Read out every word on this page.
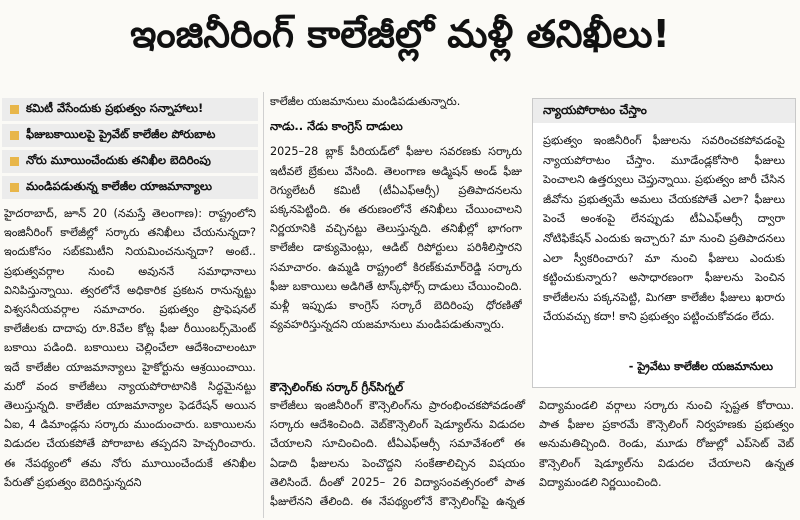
ఇంజినీరింగ్ కాలేజీల్లో మళ్లీ తనిఖీలు!
కమిటీ వేసేందుకు ప్రభుత్వం సన్నాహాలు!
ఫీజుబకాయిలపై ప్రైవేట్ కాలేజీల పోరుబాట
నోరు మూయించేందుకు తనిఖీల బెదిరింపు
మండిపడుతున్న కాలేజీల యాజమాన్యాలు

హైదరాబాద్, జూన్ 20 (నమస్తే తెలంగాణ): రాష్ట్రంలోని ఇంజినీరింగ్ కాలేజీల్లో సర్కారు తనిఖీలు చేయనున్నదా? ఇందుకోసం సబ్‌కమిటీని నియమించనున్నదా? అంటే.. ప్రభుత్వవర్గాల నుంచి అవుననే సమాధానాలు వినిపిస్తున్నాయి. త్వరలోనే అధికారిక ప్రకటన రానున్నట్టు విశ్వసనీయవర్గాల సమాచారం. ప్రభుత్వం ప్రొఫెషనల్ కాలేజీలకు దాదాపు రూ.8వేల కోట్ల ఫీజు రీయింబర్స్‌మెంట్ బకాయి పడింది. బకాయిలు చెల్లించేలా ఆదేశించాలంటూ ఇదే కాలేజీల యాజమాన్యాలు హైకోర్టును ఆశ్రయించాయి. మరో వంద కాలేజీలు న్యాయపోరాటానికి సిద్ధమైనట్టు తెలుస్తున్నది. కాలేజీల యాజమాన్యాల ఫెడరేషన్ అయిన ఏఐ, 4 డిమాండ్లను సర్కారు ముందుంచారు. బకాయిలను విడుదల చేయకపోతే పోరాబాట తప్పదని హెచ్చరించారు. ఈ నేపథ్యంలో తమ నోరు మూయించేందుకే తనిఖీల పేరుతో ప్రభుత్వం బెదిరిస్తున్నదని

కాలేజీల యజమానులు మండిపడుతున్నారు.

నాడు.. నేడు కాంగ్రెస్ దాడులు

2025–28 బ్లాక్ పీరియడ్‌లో ఫీజుల సవరణకు సర్కారు ఇటీవలే బ్రేకులు వేసింది. తెలంగాణ అడ్మిషన్ అండ్ ఫీజు రెగ్యులేటరీ కమిటీ (టీఏఎఫ్ఆర్సీ) ప్రతిపాదనలను పక్కనపెట్టింది. ఈ తరుణంలోనే తనిఖీలు చేయించాలని నిర్ణయానికి వచ్చినట్టు తెలుస్తున్నది. తనిఖీల్లో భాగంగా కాలేజీల డాక్యుమెంట్లు, ఆడిట్ రిపోర్టులు పరిశీలిస్తారని సమాచారం. ఉమ్మడి రాష్ట్రంలో కిరణ్‌కుమార్‌రెడ్డి సర్కారు ఫీజు బకాయిలు అడిగితే టాస్క్‌ఫోర్స్ దాడులు చేయించింది. మళ్లీ ఇప్పుడు కాంగ్రెస్ సర్కారే బెదిరింపు ధోరణితో వ్యవహరిస్తున్నదని యజమానులు మండిపడుతున్నారు.

కౌన్సెలింగ్‌కు సర్కార్ గ్రీన్‌సిగ్నల్

కాలేజీలు ఇంజినీరింగ్ కౌన్సెలింగ్‌ను ప్రారంభించకపోవడంతో సర్కారు ఆదేశించింది. వెబ్‌కౌన్సెలింగ్ షెడ్యూల్‌ను విడుదల చేయాలని సూచించింది. టీఏఎఫ్ఆర్సీ సమావేశంలో ఈ ఏడాది ఫీజులను పెంచొద్దని సంకేతాలిచ్చిన విషయం తెలిసిందే. దీంతో 2025– 26 విద్యాసంవత్సరంలో పాత ఫీజులేనని తేలింది. ఈ నేపథ్యంలోనే కౌన్సెలింగ్‌పై ఉన్నత విద్యామండలి వర్గాలు సర్కారు నుంచి స్పష్టత కోరాయి. పాత ఫీజుల ప్రకారమే కౌన్సెలింగ్ నిర్వహణకు ప్రభుత్వం అనుమతిచ్చింది. రెండు, మూడు రోజుల్లో ఎప్‌సెట్ వెబ్ కౌన్సెలింగ్ షెడ్యూల్‌ను విడుదల చేయాలని ఉన్నత విద్యామండలి నిర్ణయించింది.

న్యాయపోరాటం చేస్తాం
ప్రభుత్వం ఇంజినీరింగ్ ఫీజులను సవరించకపోవడంపై న్యాయపోరాటం చేస్తాం. మూడేండ్లకోసారి ఫీజులు పెంచాలని ఉత్తర్వులు చెప్తున్నాయి. ప్రభుత్వం జారీ చేసిన జీవోను ప్రభుత్వమే అమలు చేయకపోతే ఎలా? ఫీజులు పెంచే అంశంపై లేనప్పుడు టీఏఎఫ్ఆర్సీ ద్వారా నోటిఫికేషన్ ఎందుకు ఇచ్చారు? మా నుంచి ప్రతిపాదనలు ఎలా స్వీకరించారు? మా నుంచి ఫీజులు ఎందుకు కట్టించుకున్నారు? అసాధారణంగా ఫీజులను పెంచిన కాలేజీలను పక్కనపెట్టి, మిగతా కాలేజీల ఫీజులు ఖరారు చేయవచ్చు కదా! కాని ప్రభుత్వం పట్టించుకోవడం లేదు.
- ప్రైవేటు కాలేజీల యజమానులు
